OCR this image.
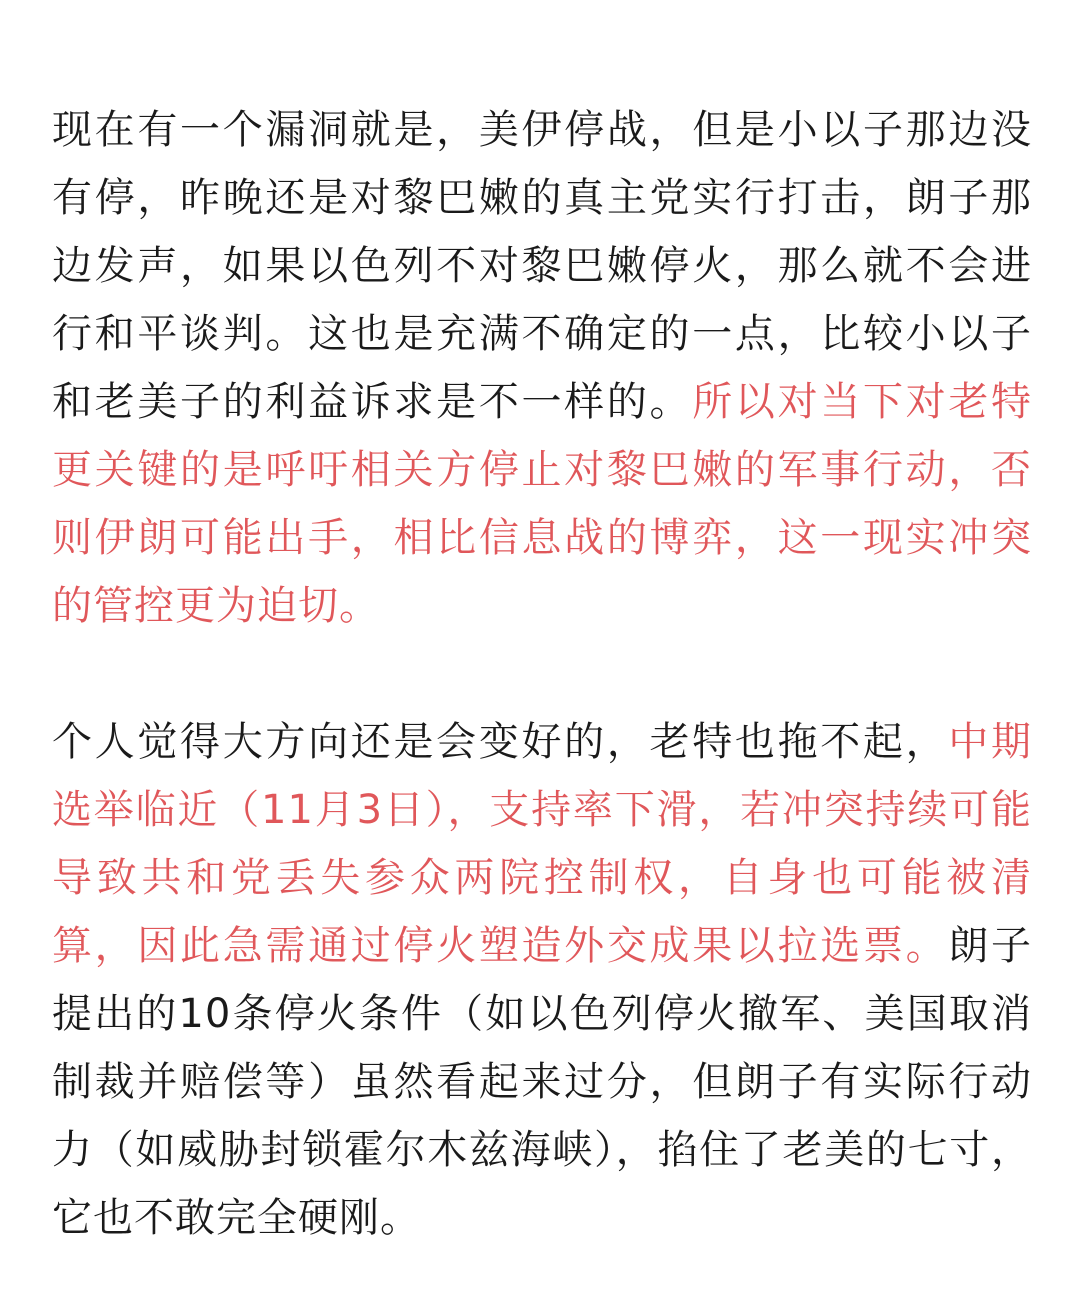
现在有一个漏洞就是，美伊停战，但是小以子那边没有停，昨晚还是对黎巴嫩的真主党实行打击，朗子那边发声，如果以色列不对黎巴嫩停火，那么就不会进行和平谈判。这也是充满不确定的一点，比较小以子和老美子的利益诉求是不一样的。所以对当下对老特更关键的是呼吁相关方停止对黎巴嫩的军事行动，否则伊朗可能出手，相比信息战的博弈，这一现实冲突的管控更为迫切。

个人觉得大方向还是会变好的，老特也拖不起，中期选举临近（11月3日），支持率下滑，若冲突持续可能导致共和党丢失参众两院控制权，自身也可能被清算，因此急需通过停火塑造外交成果以拉选票。朗子提出的10条停火条件（如以色列停火撤军、美国取消制裁并赔偿等）虽然看起来过分，但朗子有实际行动力（如威胁封锁霍尔木兹海峡），掐住了老美的七寸，它也不敢完全硬刚。
